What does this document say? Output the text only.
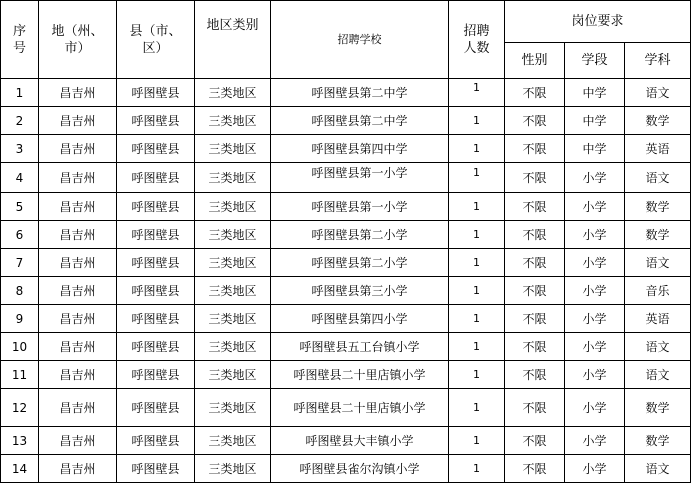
序号	地（州、市）	县（市、区）	地区类别	招聘学校	招聘人数	岗位要求		
						性别	学段	学科
1	昌吉州	呼图壁县	三类地区	呼图壁县第二中学	1	不限	中学	语文
2	昌吉州	呼图壁县	三类地区	呼图壁县第二中学	1	不限	中学	数学
3	昌吉州	呼图壁县	三类地区	呼图壁县第四中学	1	不限	中学	英语
4	昌吉州	呼图壁县	三类地区	呼图壁县第一小学	1	不限	小学	语文
5	昌吉州	呼图壁县	三类地区	呼图壁县第一小学	1	不限	小学	数学
6	昌吉州	呼图壁县	三类地区	呼图壁县第二小学	1	不限	小学	数学
7	昌吉州	呼图壁县	三类地区	呼图壁县第二小学	1	不限	小学	语文
8	昌吉州	呼图壁县	三类地区	呼图壁县第三小学	1	不限	小学	音乐
9	昌吉州	呼图壁县	三类地区	呼图壁县第四小学	1	不限	小学	英语
10	昌吉州	呼图壁县	三类地区	呼图壁县五工台镇小学	1	不限	小学	语文
11	昌吉州	呼图壁县	三类地区	呼图壁县二十里店镇小学	1	不限	小学	语文
12	昌吉州	呼图壁县	三类地区	呼图壁县二十里店镇小学	1	不限	小学	数学
13	昌吉州	呼图壁县	三类地区	呼图壁县大丰镇小学	1	不限	小学	数学
14	昌吉州	呼图壁县	三类地区	呼图壁县雀尔沟镇小学	1	不限	小学	语文
